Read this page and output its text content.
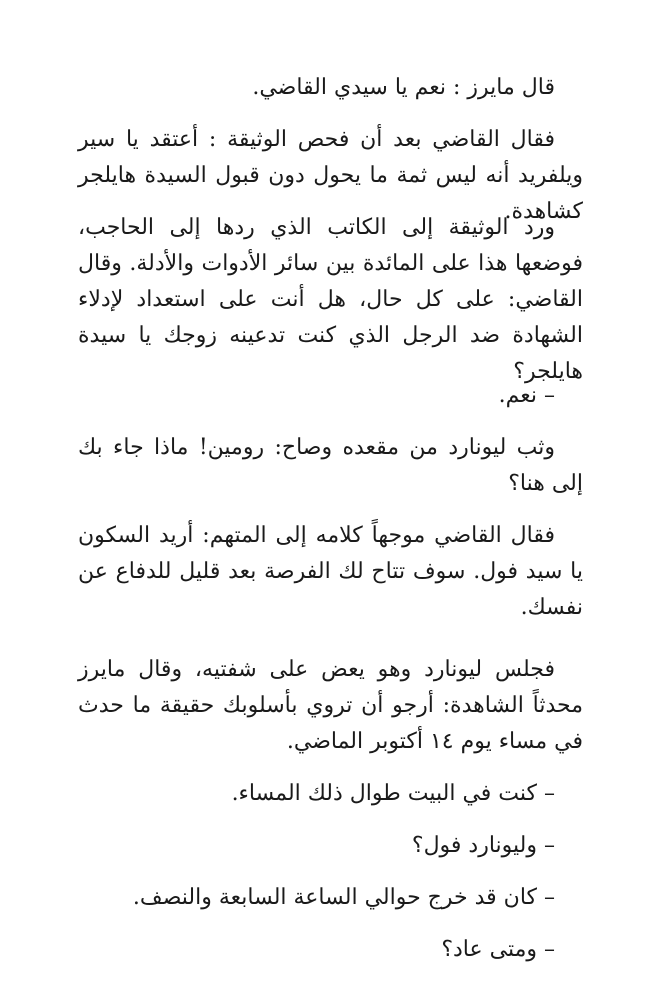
قال مايرز : نعم يا سيدي القاضي.

فقال القاضي بعد أن فحص الوثيقة : أعتقد يا سير ويلفريد أنه ليس ثمة ما يحول دون قبول السيدة هايلجر كشاهدة.

ورد الوثيقة إلى الكاتب الذي ردها إلى الحاجب، فوضعها هذا على المائدة بين سائر الأدوات والأدلة. وقال القاضي: على كل حال، هل أنت على استعداد لإدلاء الشهادة ضد الرجل الذي كنت تدعينه زوجك يا سيدة هايلجر؟

– نعم.

وثب ليونارد من مقعده وصاح: رومين! ماذا جاء بك إلى هنا؟

فقال القاضي موجهاً كلامه إلى المتهم: أريد السكون يا سيد فول. سوف تتاح لك الفرصة بعد قليل للدفاع عن نفسك.

فجلس ليونارد وهو يعض على شفتيه، وقال مايرز محدثاً الشاهدة: أرجو أن تروي بأسلوبك حقيقة ما حدث في مساء يوم ١٤ أكتوبر الماضي.

– كنت في البيت طوال ذلك المساء.

– وليونارد فول؟

– كان قد خرج حوالي الساعة السابعة والنصف.

– ومتى عاد؟
